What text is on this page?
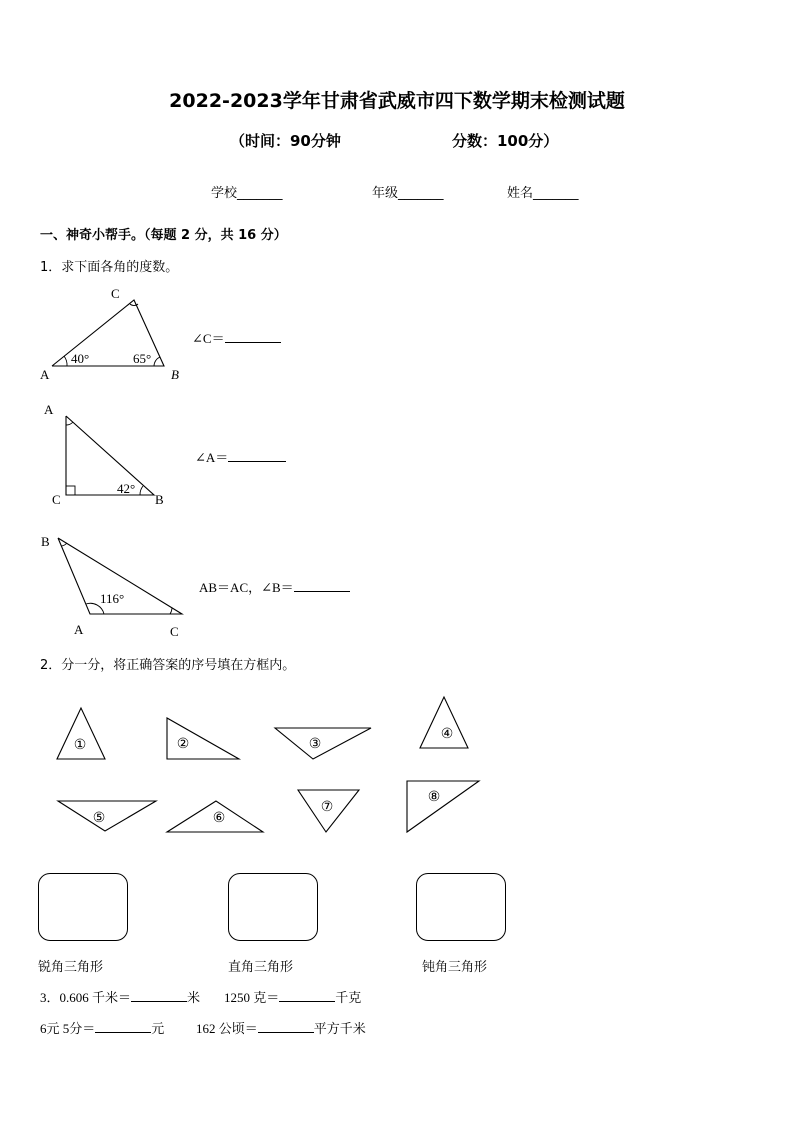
2022-2023学年甘肃省武威市四下数学期末检测试题
（时间：90分钟	分数：100分）
学校_______	年级_______	姓名_______
一、神奇小帮手。（每题 2 分，共 16 分）
1．求下面各角的度数。
A	B
C
40°	65°
∠C＝
A
C	B
42°
∠A＝
B
A	C
116°
AB＝AC，∠B＝
2．分一分，将正确答案的序号填在方框内。
①	②	③
④
⑤	⑥
⑦
⑧
锐角三角形	直角三角形	钝角三角形
3．0.606 千米＝	米 1250 克＝	千克
6元 5分＝	元 162 公顷＝	平方千米
